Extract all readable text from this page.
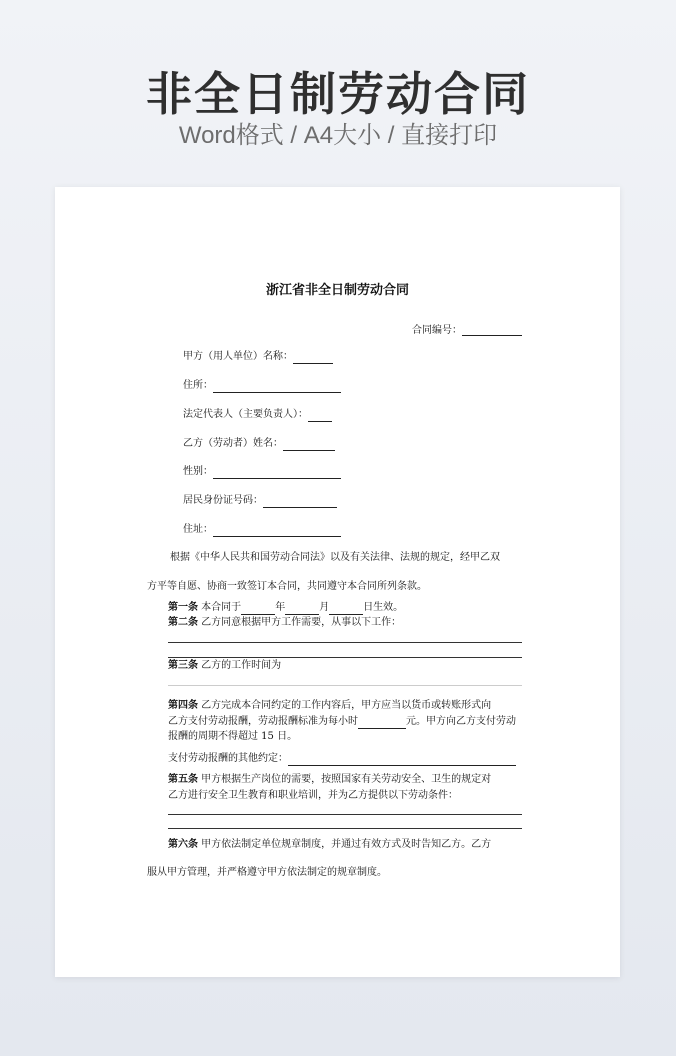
非全日制劳动合同
Word格式 / A4大小 / 直接打印
浙江省非全日制劳动合同
合同编号：
甲方（用人单位）名称：
住所：
法定代表人（主要负责人）：
乙方（劳动者）姓名：
性别：
居民身份证号码：
住址：
根据《中华人民共和国劳动合同法》以及有关法律、法规的规定，经甲乙双
方平等自愿、协商一致签订本合同，共同遵守本合同所列条款。
第一条 本合同于	年	月	日生效。
第二条 乙方同意根据甲方工作需要，从事以下工作：
第三条 乙方的工作时间为
第四条 乙方完成本合同约定的工作内容后，甲方应当以货币或转账形式向
乙方支付劳动报酬，劳动报酬标准为每小时	元。甲方向乙方支付劳动
报酬的周期不得超过 15 日。
支付劳动报酬的其他约定：
第五条 甲方根据生产岗位的需要，按照国家有关劳动安全、卫生的规定对
乙方进行安全卫生教育和职业培训，并为乙方提供以下劳动条件：
第六条 甲方依法制定单位规章制度，并通过有效方式及时告知乙方。乙方
服从甲方管理，并严格遵守甲方依法制定的规章制度。
